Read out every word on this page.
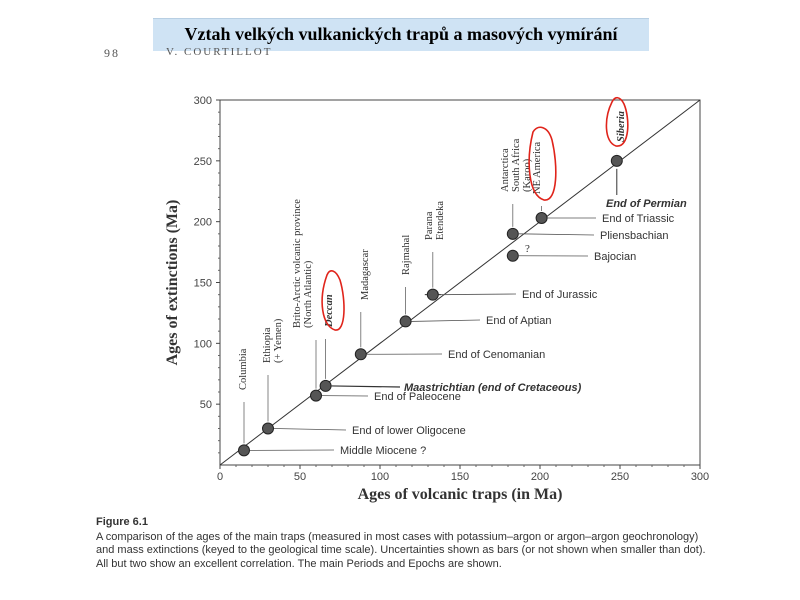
Vztah velkých vulkanických trapů a masových vymírání
98	V. COURTILLOT
0	50	100	150	200	250	300
50
100
150
200
250
300
Ages of volcanic traps (in Ma)
Ages of extinctions (Ma)
Middle Miocene ?
Columbia
End of lower Oligocene
Ethiopia(+ Yemen)
End of Paleocene
Brito-Arctic volcanic province(North Atlantic)
Maastrichtian (end of Cretaceous)
Deccan
End of Cenomanian
Madagascar
End of Aptian
Rajmahal
End of Jurassic
ParanaEtendeka	Pliensbachian
AntarcticaSouth Africa(Karoo)
Bajocian
?
End of Triassic
NE America
End of Permian
Siberia
Figure 6.1
A comparison of the ages of the main traps (measured in most cases with potassium–argon or argon–argon geochronology) and mass extinctions (keyed to the geological time scale). Uncertainties shown as bars (or not shown when smaller than dot). All but two show an excellent correlation. The main Periods and Epochs are shown.
